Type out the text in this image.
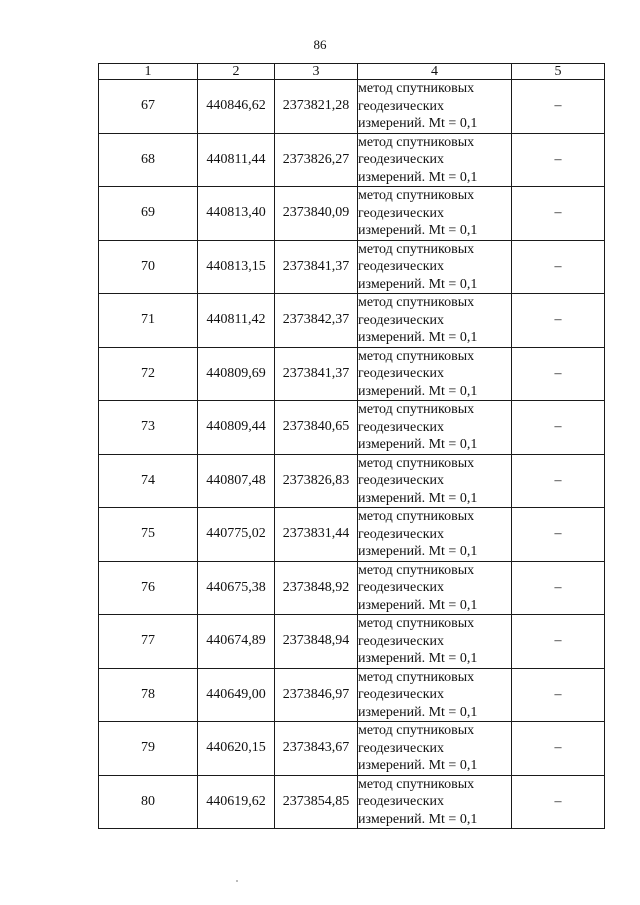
86
1	2	3	4	5
67	440846,62	2373821,28	метод спутниковых
геодезических
измерений. Mt = 0,1	–
68	440811,44	2373826,27	метод спутниковых
геодезических
измерений. Mt = 0,1	–
69	440813,40	2373840,09	метод спутниковых
геодезических
измерений. Mt = 0,1	–
70	440813,15	2373841,37	метод спутниковых
геодезических
измерений. Mt = 0,1	–
71	440811,42	2373842,37	метод спутниковых
геодезических
измерений. Mt = 0,1	–
72	440809,69	2373841,37	метод спутниковых
геодезических
измерений. Mt = 0,1	–
73	440809,44	2373840,65	метод спутниковых
геодезических
измерений. Mt = 0,1	–
74	440807,48	2373826,83	метод спутниковых
геодезических
измерений. Mt = 0,1	–
75	440775,02	2373831,44	метод спутниковых
геодезических
измерений. Mt = 0,1	–
76	440675,38	2373848,92	метод спутниковых
геодезических
измерений. Mt = 0,1	–
77	440674,89	2373848,94	метод спутниковых
геодезических
измерений. Mt = 0,1	–
78	440649,00	2373846,97	метод спутниковых
геодезических
измерений. Mt = 0,1	–
79	440620,15	2373843,67	метод спутниковых
геодезических
измерений. Mt = 0,1	–
80	440619,62	2373854,85	метод спутниковых
геодезических
измерений. Mt = 0,1	–
